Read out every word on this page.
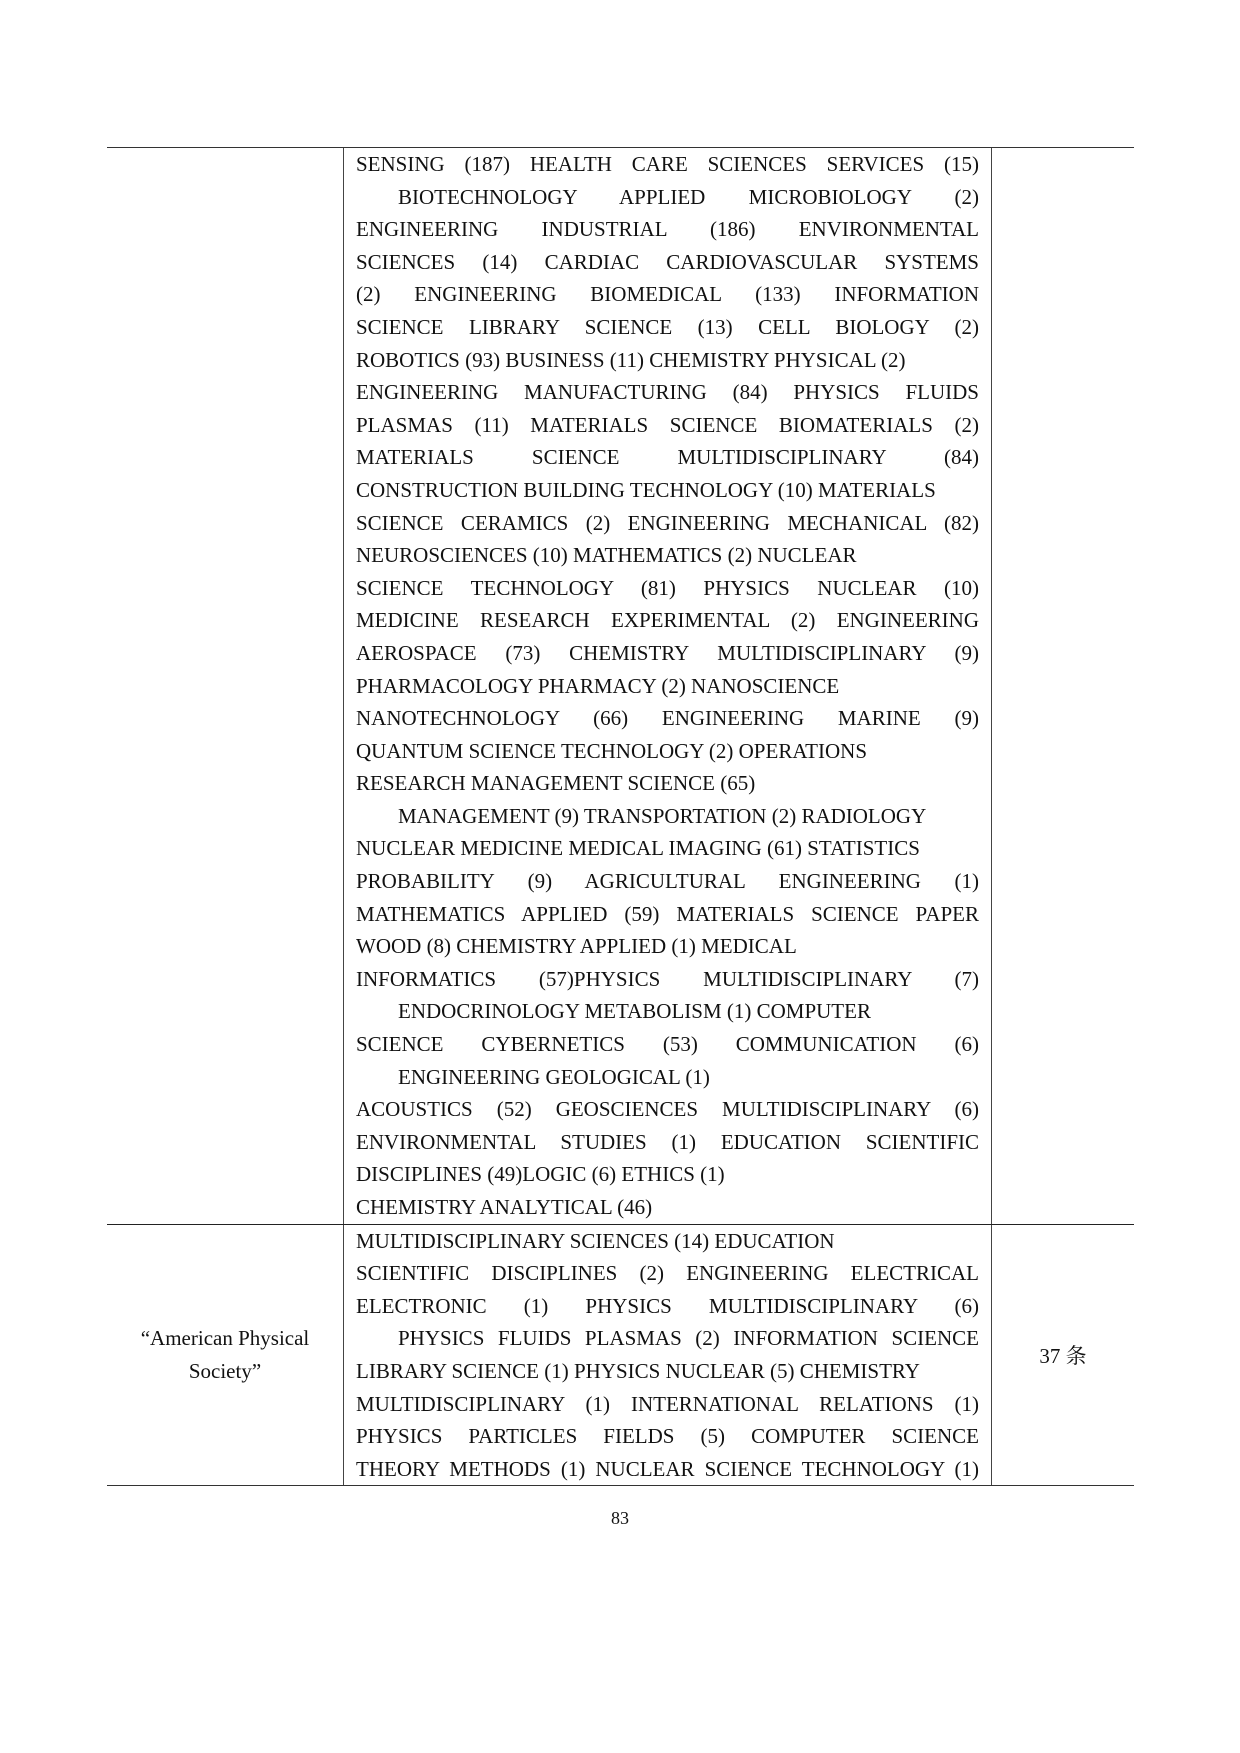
SENSING (187) HEALTH CARE SCIENCES SERVICES (15)
BIOTECHNOLOGY APPLIED MICROBIOLOGY (2)
ENGINEERING INDUSTRIAL (186) ENVIRONMENTAL
SCIENCES (14) CARDIAC CARDIOVASCULAR SYSTEMS
(2) ENGINEERING BIOMEDICAL (133) INFORMATION
SCIENCE LIBRARY SCIENCE (13) CELL BIOLOGY (2)
ROBOTICS (93) BUSINESS (11) CHEMISTRY PHYSICAL (2)
ENGINEERING MANUFACTURING (84) PHYSICS FLUIDS
PLASMAS (11) MATERIALS SCIENCE BIOMATERIALS (2)
MATERIALS SCIENCE MULTIDISCIPLINARY (84)
CONSTRUCTION BUILDING TECHNOLOGY (10) MATERIALS
SCIENCE CERAMICS (2) ENGINEERING MECHANICAL (82)
NEUROSCIENCES (10) MATHEMATICS (2) NUCLEAR
SCIENCE TECHNOLOGY (81) PHYSICS NUCLEAR (10)
MEDICINE RESEARCH EXPERIMENTAL (2) ENGINEERING
AEROSPACE (73) CHEMISTRY MULTIDISCIPLINARY (9)
PHARMACOLOGY PHARMACY (2) NANOSCIENCE
NANOTECHNOLOGY (66) ENGINEERING MARINE (9)
QUANTUM SCIENCE TECHNOLOGY (2) OPERATIONS
RESEARCH MANAGEMENT SCIENCE (65)
MANAGEMENT (9) TRANSPORTATION (2) RADIOLOGY
NUCLEAR MEDICINE MEDICAL IMAGING (61) STATISTICS
PROBABILITY (9) AGRICULTURAL ENGINEERING (1)
MATHEMATICS APPLIED (59) MATERIALS SCIENCE PAPER
WOOD (8) CHEMISTRY APPLIED (1) MEDICAL
INFORMATICS (57)PHYSICS MULTIDISCIPLINARY (7)
ENDOCRINOLOGY METABOLISM (1) COMPUTER
SCIENCE CYBERNETICS (53) COMMUNICATION (6)
ENGINEERING GEOLOGICAL (1)
ACOUSTICS (52) GEOSCIENCES MULTIDISCIPLINARY (6)
ENVIRONMENTAL STUDIES (1) EDUCATION SCIENTIFIC
DISCIPLINES (49)LOGIC (6) ETHICS (1)
CHEMISTRY ANALYTICAL (46)
“American Physical Society”
MULTIDISCIPLINARY SCIENCES (14) EDUCATION
SCIENTIFIC DISCIPLINES (2) ENGINEERING ELECTRICAL
ELECTRONIC (1) PHYSICS MULTIDISCIPLINARY (6)
PHYSICS FLUIDS PLASMAS (2) INFORMATION SCIENCE
LIBRARY SCIENCE (1) PHYSICS NUCLEAR (5) CHEMISTRY
MULTIDISCIPLINARY (1) INTERNATIONAL RELATIONS (1)
PHYSICS PARTICLES FIELDS (5) COMPUTER SCIENCE
THEORY METHODS (1) NUCLEAR SCIENCE TECHNOLOGY (1)
37 条
83
